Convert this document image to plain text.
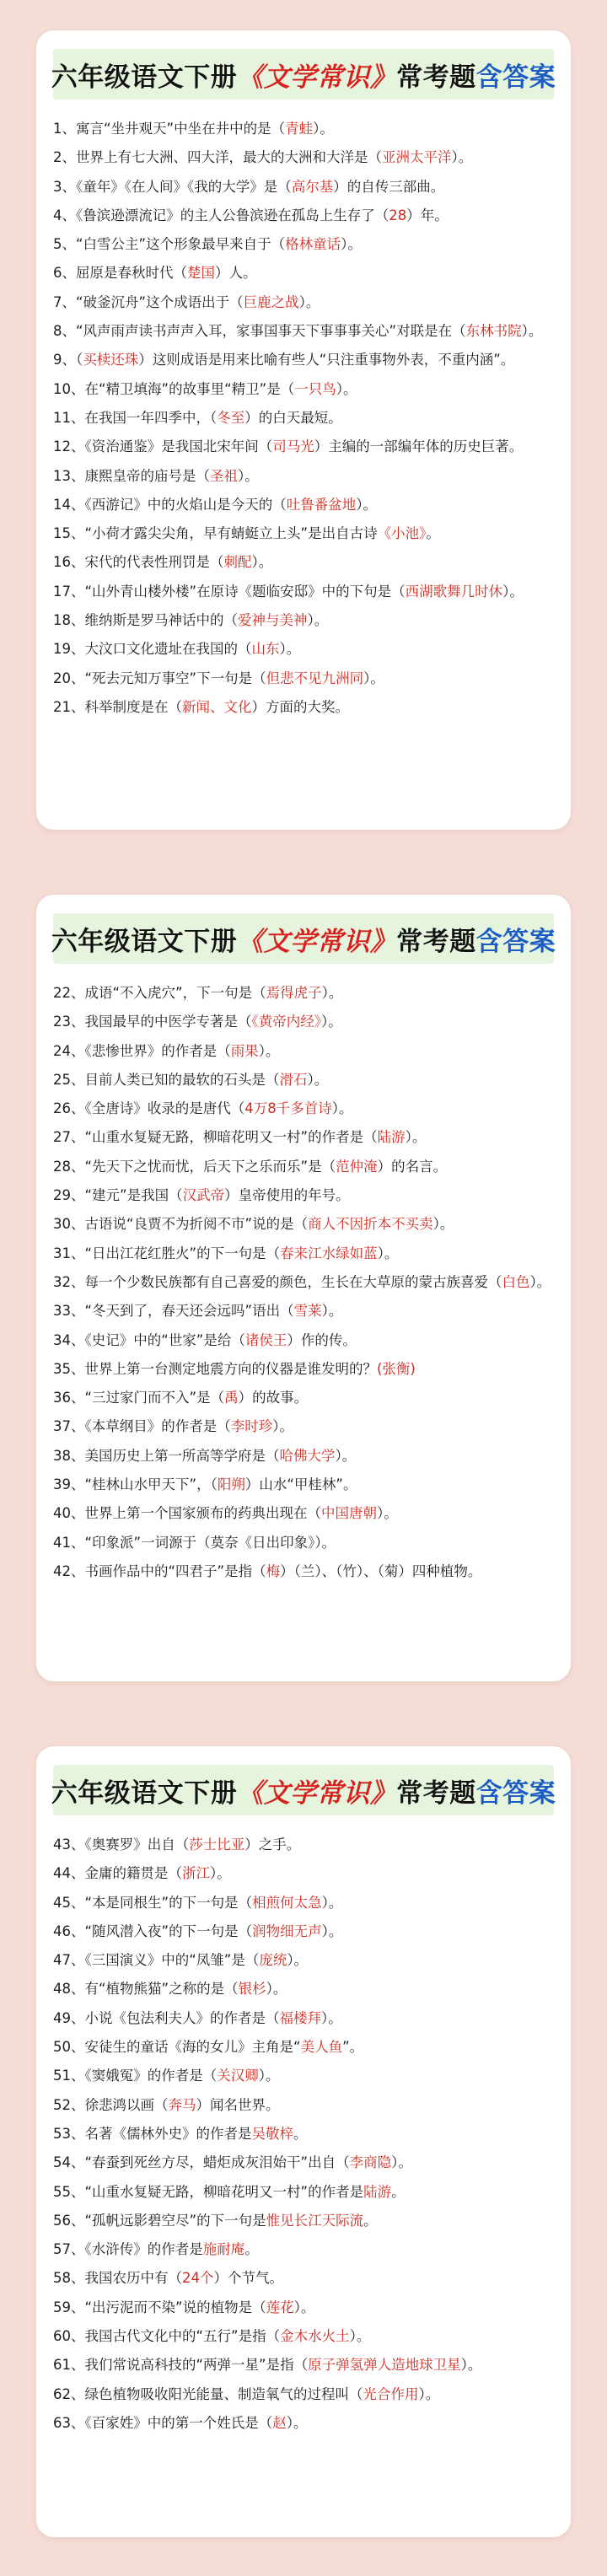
六年级语文下册 《文学常识》 常考题 含答案
1、寓言“坐井观天”中坐在井中的是（青蛙）。
2、世界上有七大洲、四大洋，最大的大洲和大洋是（亚洲太平洋）。
3、《童年》《在人间》《我的大学》是（高尔基）的自传三部曲。
4、《鲁滨逊漂流记》的主人公鲁滨逊在孤岛上生存了（28）年。
5、“白雪公主”这个形象最早来自于（格林童话）。
6、屈原是春秋时代（楚国）人。
7、“破釜沉舟”这个成语出于（巨鹿之战）。
8、“风声雨声读书声声入耳，家事国事天下事事事关心”对联是在（东林书院）。
9、（买椟还珠）这则成语是用来比喻有些人“只注重事物外表，不重内涵”。
10、在“精卫填海”的故事里“精卫”是（一只鸟）。
11、在我国一年四季中，（冬至）的白天最短。
12、《资治通鉴》是我国北宋年间（司马光）主编的一部编年体的历史巨著。
13、康熙皇帝的庙号是（圣祖）。
14、《西游记》中的火焰山是今天的（吐鲁番盆地）。
15、“小荷才露尖尖角，早有蜻蜓立上头”是出自古诗《小池》。
16、宋代的代表性刑罚是（刺配）。
17、“山外青山楼外楼”在原诗《题临安邸》中的下句是（西湖歌舞几时休）。
18、维纳斯是罗马神话中的（爱神与美神）。
19、大汶口文化遗址在我国的（山东）。
20、“死去元知万事空”下一句是（但悲不见九洲同）。
21、科举制度是在（新闻、文化）方面的大奖。
六年级语文下册 《文学常识》 常考题 含答案
22、成语“不入虎穴”，下一句是（焉得虎子）。
23、我国最早的中医学专著是（《黄帝内经》）。
24、《悲惨世界》的作者是（雨果）。
25、目前人类已知的最软的石头是（滑石）。
26、《全唐诗》收录的是唐代（4万8千多首诗）。
27、“山重水复疑无路，柳暗花明又一村”的作者是（陆游）。
28、“先天下之忧而忧，后天下之乐而乐”是（范仲淹）的名言。
29、“建元”是我国（汉武帝）皇帝使用的年号。
30、古语说“良贾不为折阅不市”说的是（商人不因折本不买卖）。
31、“日出江花红胜火”的下一句是（春来江水绿如蓝）。
32、每一个少数民族都有自己喜爱的颜色，生长在大草原的蒙古族喜爱（白色）。
33、“冬天到了，春天还会远吗”语出（雪莱）。
34、《史记》中的“世家”是给（诸侯王）作的传。
35、世界上第一台测定地震方向的仪器是谁发明的？(张衡)
36、“三过家门而不入”是（禹）的故事。
37、《本草纲目》的作者是（李时珍）。
38、美国历史上第一所高等学府是（哈佛大学）。
39、“桂林山水甲天下”，（阳朔）山水“甲桂林”。
40、世界上第一个国家颁布的药典出现在（中国唐朝）。
41、“印象派”一词源于（莫奈《日出印象》）。
42、书画作品中的“四君子”是指（梅）（兰）、（竹）、（菊）四种植物。
六年级语文下册 《文学常识》 常考题 含答案
43、《奥赛罗》出自（莎士比亚）之手。
44、金庸的籍贯是（浙江）。
45、“本是同根生”的下一句是（相煎何太急）。
46、“随风潜入夜”的下一句是（润物细无声）。
47、《三国演义》中的“凤雏”是（庞统）。
48、有“植物熊猫”之称的是（银杉）。
49、小说《包法利夫人》的作者是（福楼拜）。
50、安徒生的童话《海的女儿》主角是“美人鱼”。
51、《窦娥冤》的作者是（关汉卿）。
52、徐悲鸿以画（奔马）闻名世界。
53、名著《儒林外史》的作者是吴敬梓。
54、“春蚕到死丝方尽，蜡炬成灰泪始干”出自（李商隐）。
55、“山重水复疑无路，柳暗花明又一村”的作者是陆游。
56、“孤帆远影碧空尽”的下一句是惟见长江天际流。
57、《水浒传》的作者是施耐庵。
58、我国农历中有（24个）个节气。
59、“出污泥而不染”说的植物是（莲花）。
60、我国古代文化中的“五行”是指（金木水火土）。
61、我们常说高科技的“两弹一星”是指（原子弹氢弹人造地球卫星）。
62、绿色植物吸收阳光能量、制造氧气的过程叫（光合作用）。
63、《百家姓》中的第一个姓氏是（赵）。
